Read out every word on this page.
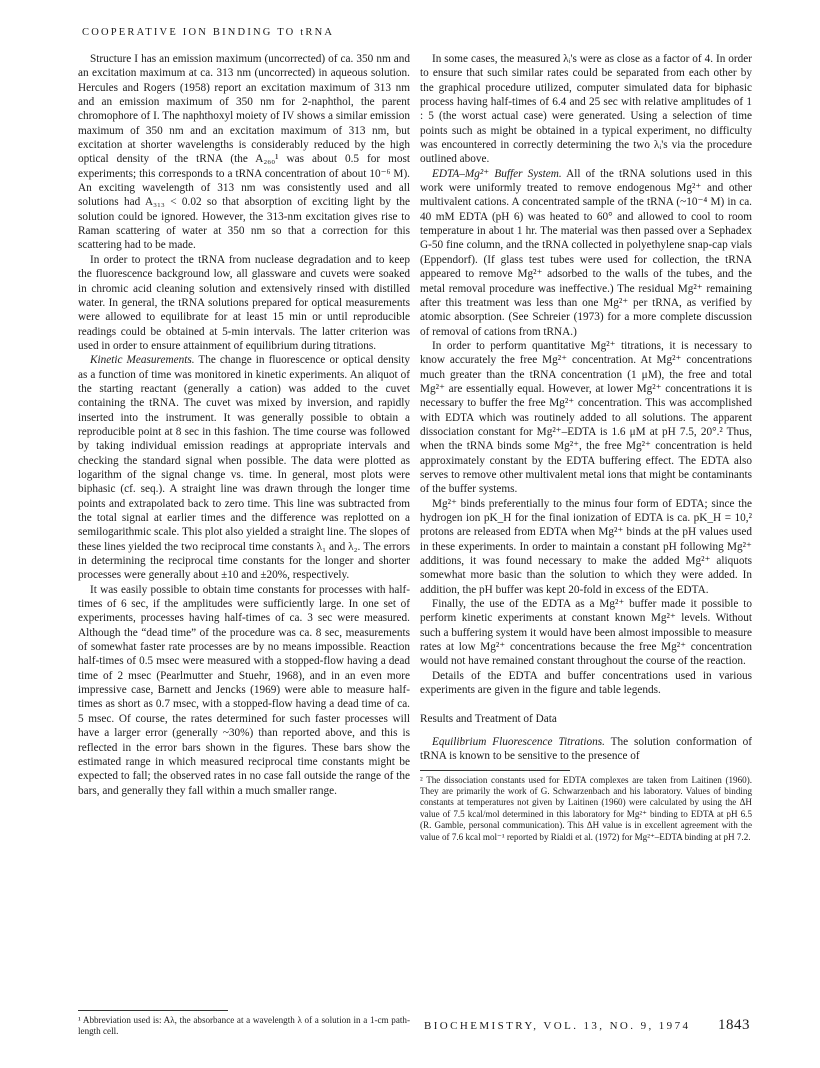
COOPERATIVE ION BINDING TO tRNA

Structure I has an emission maximum (uncorrected) of ca. 350 nm and an excitation maximum at ca. 313 nm (uncorrected) in aqueous solution. Hercules and Rogers (1958) report an excitation maximum of 313 nm and an emission maximum of 350 nm for 2-naphthol, the parent chromophore of I. The naphthoxyl moiety of IV shows a similar emission maximum of 350 nm and an excitation maximum of 313 nm, but excitation at shorter wavelengths is considerably reduced by the high optical density of the tRNA (the A₂₆₀¹ was about 0.5 for most experiments; this corresponds to a tRNA concentration of about 10⁻⁶ M). An exciting wavelength of 313 nm was consistently used and all solutions had A₃₁₃ < 0.02 so that absorption of exciting light by the solution could be ignored. However, the 313-nm excitation gives rise to Raman scattering of water at 350 nm so that a correction for this scattering had to be made.

In order to protect the tRNA from nuclease degradation and to keep the fluorescence background low, all glassware and cuvets were soaked in chromic acid cleaning solution and extensively rinsed with distilled water. In general, the tRNA solutions prepared for optical measurements were allowed to equilibrate for at least 15 min or until reproducible readings could be obtained at 5-min intervals. The latter criterion was used in order to ensure attainment of equilibrium during titrations.

Kinetic Measurements. The change in fluorescence or optical density as a function of time was monitored in kinetic experiments. An aliquot of the starting reactant (generally a cation) was added to the cuvet containing the tRNA. The cuvet was mixed by inversion, and rapidly inserted into the instrument. It was generally possible to obtain a reproducible point at 8 sec in this fashion. The time course was followed by taking individual emission readings at appropriate intervals and checking the standard signal when possible. The data were plotted as logarithm of the signal change vs. time. In general, most plots were biphasic (cf. seq.). A straight line was drawn through the longer time points and extrapolated back to zero time. This line was subtracted from the total signal at earlier times and the difference was replotted on a semilogarithmic scale. This plot also yielded a straight line. The slopes of these lines yielded the two reciprocal time constants λ₁ and λ₂. The errors in determining the reciprocal time constants for the longer and shorter processes were generally about ±10 and ±20%, respectively.

It was easily possible to obtain time constants for processes with half-times of 6 sec, if the amplitudes were sufficiently large. In one set of experiments, processes having half-times of ca. 3 sec were measured. Although the “dead time” of the procedure was ca. 8 sec, measurements of somewhat faster rate processes are by no means impossible. Reaction half-times of 0.5 msec were measured with a stopped-flow having a dead time of 2 msec (Pearlmutter and Stuehr, 1968), and in an even more impressive case, Barnett and Jencks (1969) were able to measure half-times as short as 0.7 msec, with a stopped-flow having a dead time of ca. 5 msec. Of course, the rates determined for such faster processes will have a larger error (generally ~30%) than reported above, and this is reflected in the error bars shown in the figures. These bars show the estimated range in which measured reciprocal time constants might be expected to fall; the observed rates in no case fall outside the range of the bars, and generally they fall within a much smaller range.

¹ Abbreviation used is: Aλ, the absorbance at a wavelength λ of a solution in a 1-cm path-length cell.

In some cases, the measured λᵢ's were as close as a factor of 4. In order to ensure that such similar rates could be separated from each other by the graphical procedure utilized, computer simulated data for biphasic process having half-times of 6.4 and 25 sec with relative amplitudes of 1 : 5 (the worst actual case) were generated. Using a selection of time points such as might be obtained in a typical experiment, no difficulty was encountered in correctly determining the two λᵢ's via the procedure outlined above.

EDTA–Mg²⁺ Buffer System. All of the tRNA solutions used in this work were uniformly treated to remove endogenous Mg²⁺ and other multivalent cations. A concentrated sample of the tRNA (~10⁻⁴ M) in ca. 40 mM EDTA (pH 6) was heated to 60° and allowed to cool to room temperature in about 1 hr. The material was then passed over a Sephadex G-50 fine column, and the tRNA collected in polyethylene snap-cap vials (Eppendorf). (If glass test tubes were used for collection, the tRNA appeared to remove Mg²⁺ adsorbed to the walls of the tubes, and the metal removal procedure was ineffective.) The residual Mg²⁺ remaining after this treatment was less than one Mg²⁺ per tRNA, as verified by atomic absorption. (See Schreier (1973) for a more complete discussion of removal of cations from tRNA.)

In order to perform quantitative Mg²⁺ titrations, it is necessary to know accurately the free Mg²⁺ concentration. At Mg²⁺ concentrations much greater than the tRNA concentration (1 μM), the free and total Mg²⁺ are essentially equal. However, at lower Mg²⁺ concentrations it is necessary to buffer the free Mg²⁺ concentration. This was accomplished with EDTA which was routinely added to all solutions. The apparent dissociation constant for Mg²⁺–EDTA is 1.6 μM at pH 7.5, 20°.² Thus, when the tRNA binds some Mg²⁺, the free Mg²⁺ concentration is held approximately constant by the EDTA buffering effect. The EDTA also serves to remove other multivalent metal ions that might be contaminants of the buffer systems.

Mg²⁺ binds preferentially to the minus four form of EDTA; since the hydrogen ion pK_H for the final ionization of EDTA is ca. pK_H = 10,² protons are released from EDTA when Mg²⁺ binds at the pH values used in these experiments. In order to maintain a constant pH following Mg²⁺ additions, it was found necessary to make the added Mg²⁺ aliquots somewhat more basic than the solution to which they were added. In addition, the pH buffer was kept 20-fold in excess of the EDTA.

Finally, the use of the EDTA as a Mg²⁺ buffer made it possible to perform kinetic experiments at constant known Mg²⁺ levels. Without such a buffering system it would have been almost impossible to measure rates at low Mg²⁺ concentrations because the free Mg²⁺ concentration would not have remained constant throughout the course of the reaction.

Details of the EDTA and buffer concentrations used in various experiments are given in the figure and table legends.

Results and Treatment of Data

Equilibrium Fluorescence Titrations. The solution conformation of tRNA is known to be sensitive to the presence of

² The dissociation constants used for EDTA complexes are taken from Laitinen (1960). They are primarily the work of G. Schwarzenbach and his laboratory. Values of binding constants at temperatures not given by Laitinen (1960) were calculated by using the ΔH value of 7.5 kcal/mol determined in this laboratory for Mg²⁺ binding to EDTA at pH 6.5 (R. Gamble, personal communication). This ΔH value is in excellent agreement with the value of 7.6 kcal mol⁻¹ reported by Rialdi et al. (1972) for Mg²⁺–EDTA binding at pH 7.2.

BIOCHEMISTRY, VOL. 13, NO. 9, 1974 1843
